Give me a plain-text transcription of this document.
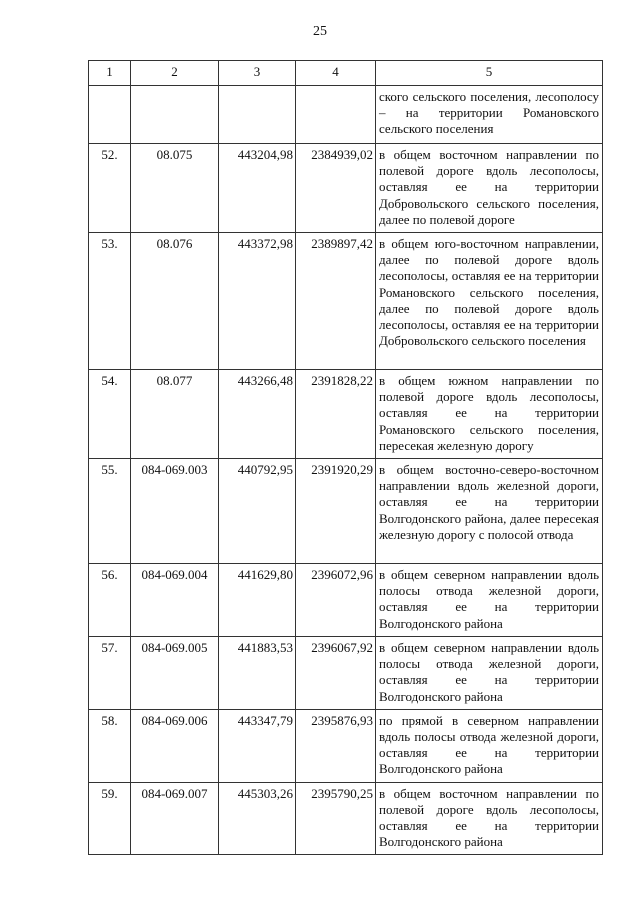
25
1	2	3	4	5
				ского сельского поселения, лесополосу – на территории Романовского сельского поселения
52.	08.075	443204,98	2384939,02	в общем восточном направлении по полевой дороге вдоль лесополосы, оставляя ее на территории Добровольского сельского поселения, далее по полевой дороге
53.	08.076	443372,98	2389897,42	в общем юго-восточном направлении, далее по полевой дороге вдоль лесополосы, оставляя ее на территории Романовского сельского поселения, далее по полевой дороге вдоль лесополосы, оставляя ее на территории Добровольского сельского поселения
54.	08.077	443266,48	2391828,22	в общем южном направлении по полевой дороге вдоль лесополосы, оставляя ее на территории Романовского сельского поселения, пересекая железную дорогу
55.	084-069.003	440792,95	2391920,29	в общем восточно-северо-восточном направлении вдоль железной дороги, оставляя ее на территории Волгодонского района, далее пересекая железную дорогу с полосой отвода
56.	084-069.004	441629,80	2396072,96	в общем северном направлении вдоль полосы отвода железной дороги, оставляя ее на территории Волгодонского района
57.	084-069.005	441883,53	2396067,92	в общем северном направлении вдоль полосы отвода железной дороги, оставляя ее на территории Волгодонского района
58.	084-069.006	443347,79	2395876,93	по прямой в северном направлении вдоль полосы отвода железной дороги, оставляя ее на территории Волгодонского района
59.	084-069.007	445303,26	2395790,25	в общем восточном направлении по полевой дороге вдоль лесополосы, оставляя ее на территории Волгодонского района
